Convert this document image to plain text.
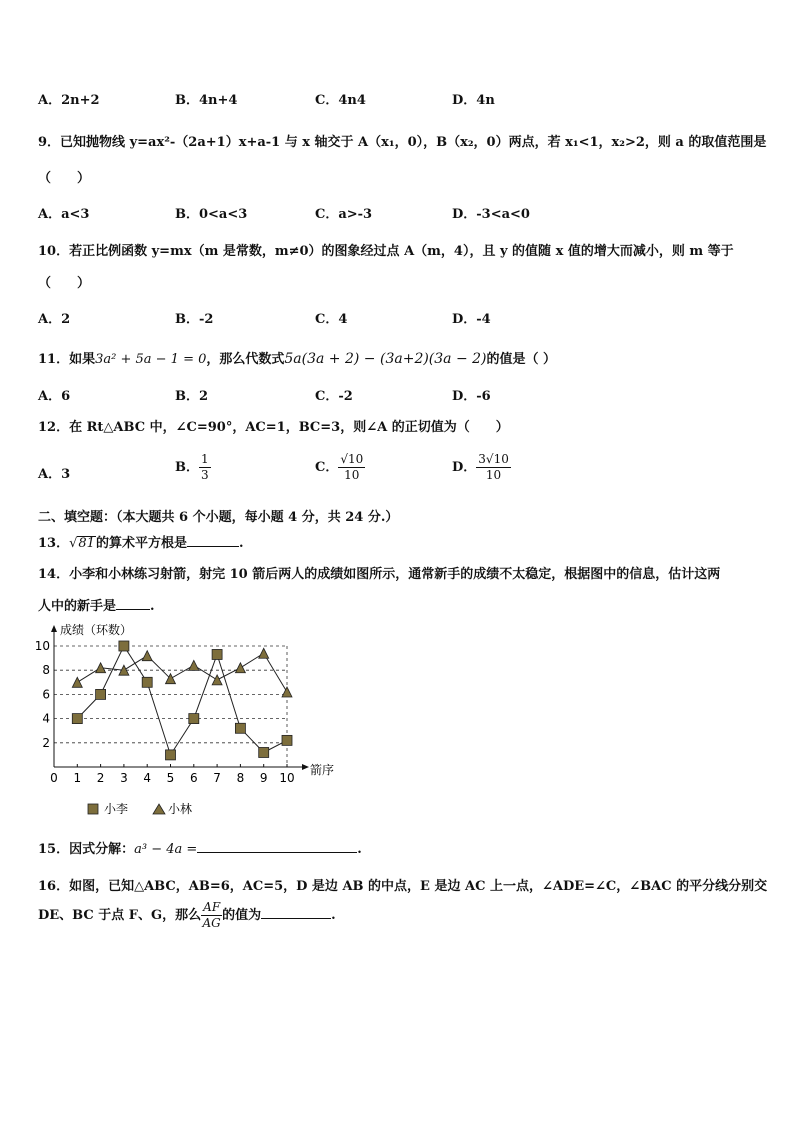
A．2n+2	B．4n+4	C．4n4	D．4n
9．已知抛物线 y=ax²-（2a+1）x+a-1 与 x 轴交于 A（x₁，0），B（x₂，0）两点，若 x₁<1，x₂>2，则 a 的取值范围是
（　　）
A．a<3	B．0<a<3	C．a>-3	D．-3<a<0
10．若正比例函数 y=mx（m 是常数，m≠0）的图象经过点 A（m，4），且 y 的值随 x 值的增大而减小，则 m 等于
（　　）
A．2	B．-2	C．4	D．-4
11．如果3a² + 5a − 1 = 0，那么代数式5a(3a + 2) − (3a+2)(3a − 2)的值是（ ）
A．6	B．2	C．-2	D．-6
12．在 Rt△ABC 中，∠C=90°，AC=1，BC=3，则∠A 的正切值为（　　）
A．3	B． $\frac{1}{3}$	C． $\frac{√10}{10}$	D． $\frac{3√10}{10}$
二、填空题：（本大题共 6 个小题，每小题 4 分，共 24 分.）
13．√81的算术平方根是	.
14．小李和小林练习射箭，射完 10 箭后两人的成绩如图所示，通常新手的成绩不太稳定，根据图中的信息，估计这两
人中的新手是	.
2
4
6
8
10
0 1 2 3 4 5 6 7 8 9 10
成绩（环数）
箭序
小李	小林
15．因式分解：a³ − 4a =	.
16．如图，已知△ABC，AB=6，AC=5，D 是边 AB 的中点，E 是边 AC 上一点，∠ADE=∠C，∠BAC 的平分线分别交
DE、BC 于点 F、G，那么 $\frac{AF}{AG}$ 的值为	.
